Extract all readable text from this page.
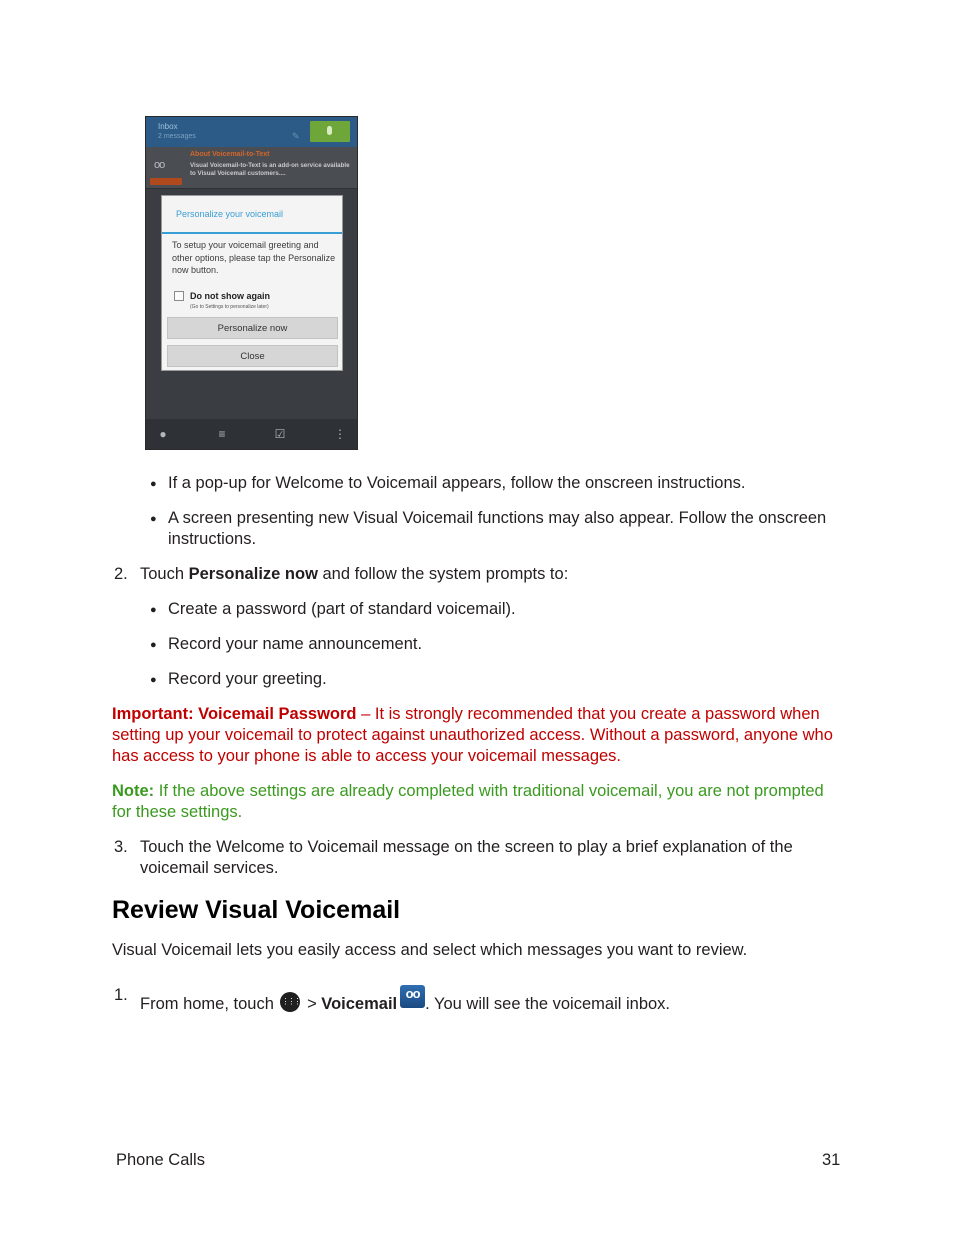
Inbox
2 messages	✎
oo
About Voicemail-to-Text
Visual Voicemail-to-Text is an add-on service available to Visual Voicemail customers....
Personalize your voicemail
To setup your voicemail greeting and other options, please tap the Personalize now button.
Do not show again
(Go to Settings to personalize later)
Personalize now
Close
●	≡	☑	⋮
● If a pop-up for Welcome to Voicemail appears, follow the onscreen instructions.
● A screen presenting new Visual Voicemail functions may also appear. Follow the onscreen
instructions.
2. Touch Personalize now and follow the system prompts to:
● Create a password (part of standard voicemail).
● Record your name announcement.
● Record your greeting.
Important: Voicemail Password – It is strongly recommended that you create a password when
setting up your voicemail to protect against unauthorized access. Without a password, anyone who
has access to your phone is able to access your voicemail messages.
Note: If the above settings are already completed with traditional voicemail, you are not prompted
for these settings.
3. Touch the Welcome to Voicemail message on the screen to play a brief explanation of the
voicemail services.
Review Visual Voicemail
Visual Voicemail lets you easily access and select which messages you want to review.
1. From home, touch ⋮⋮⋮ > Voicemailoo . You will see the voicemail inbox.
Phone Calls	31
